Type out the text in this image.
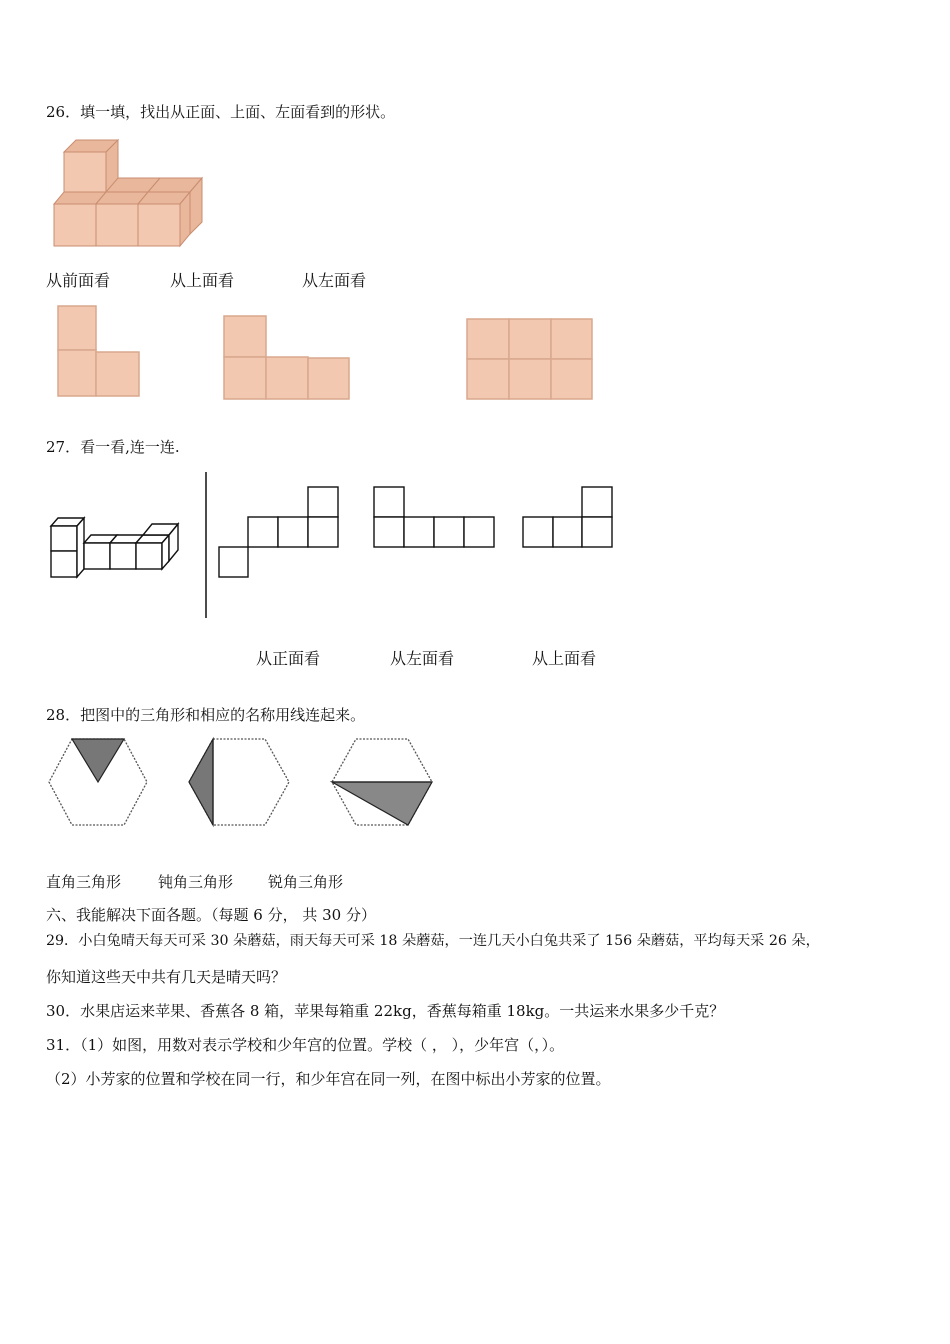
26．填一填，找出从正面、上面、左面看到的形状。
从前面看	从上面看	从左面看
27．看一看,连一连.
从正面看	从左面看	从上面看
28．把图中的三角形和相应的名称用线连起来。
直角三角形 钝角三角形 锐角三角形
六、我能解决下面各题。（每题 6 分， 共 30 分）
29．小白兔晴天每天可采 30 朵蘑菇，雨天每天可采 18 朵蘑菇，一连几天小白兔共采了 156 朵蘑菇，平均每天采 26 朵，
你知道这些天中共有几天是晴天吗？
30．水果店运来苹果、香蕉各 8 箱，苹果每箱重 22kg，香蕉每箱重 18kg。一共运来水果多少千克？
31．（1）如图，用数对表示学校和少年宫的位置。学校（ ， ），少年宫（，）。
（2）小芳家的位置和学校在同一行，和少年宫在同一列，在图中标出小芳家的位置。
